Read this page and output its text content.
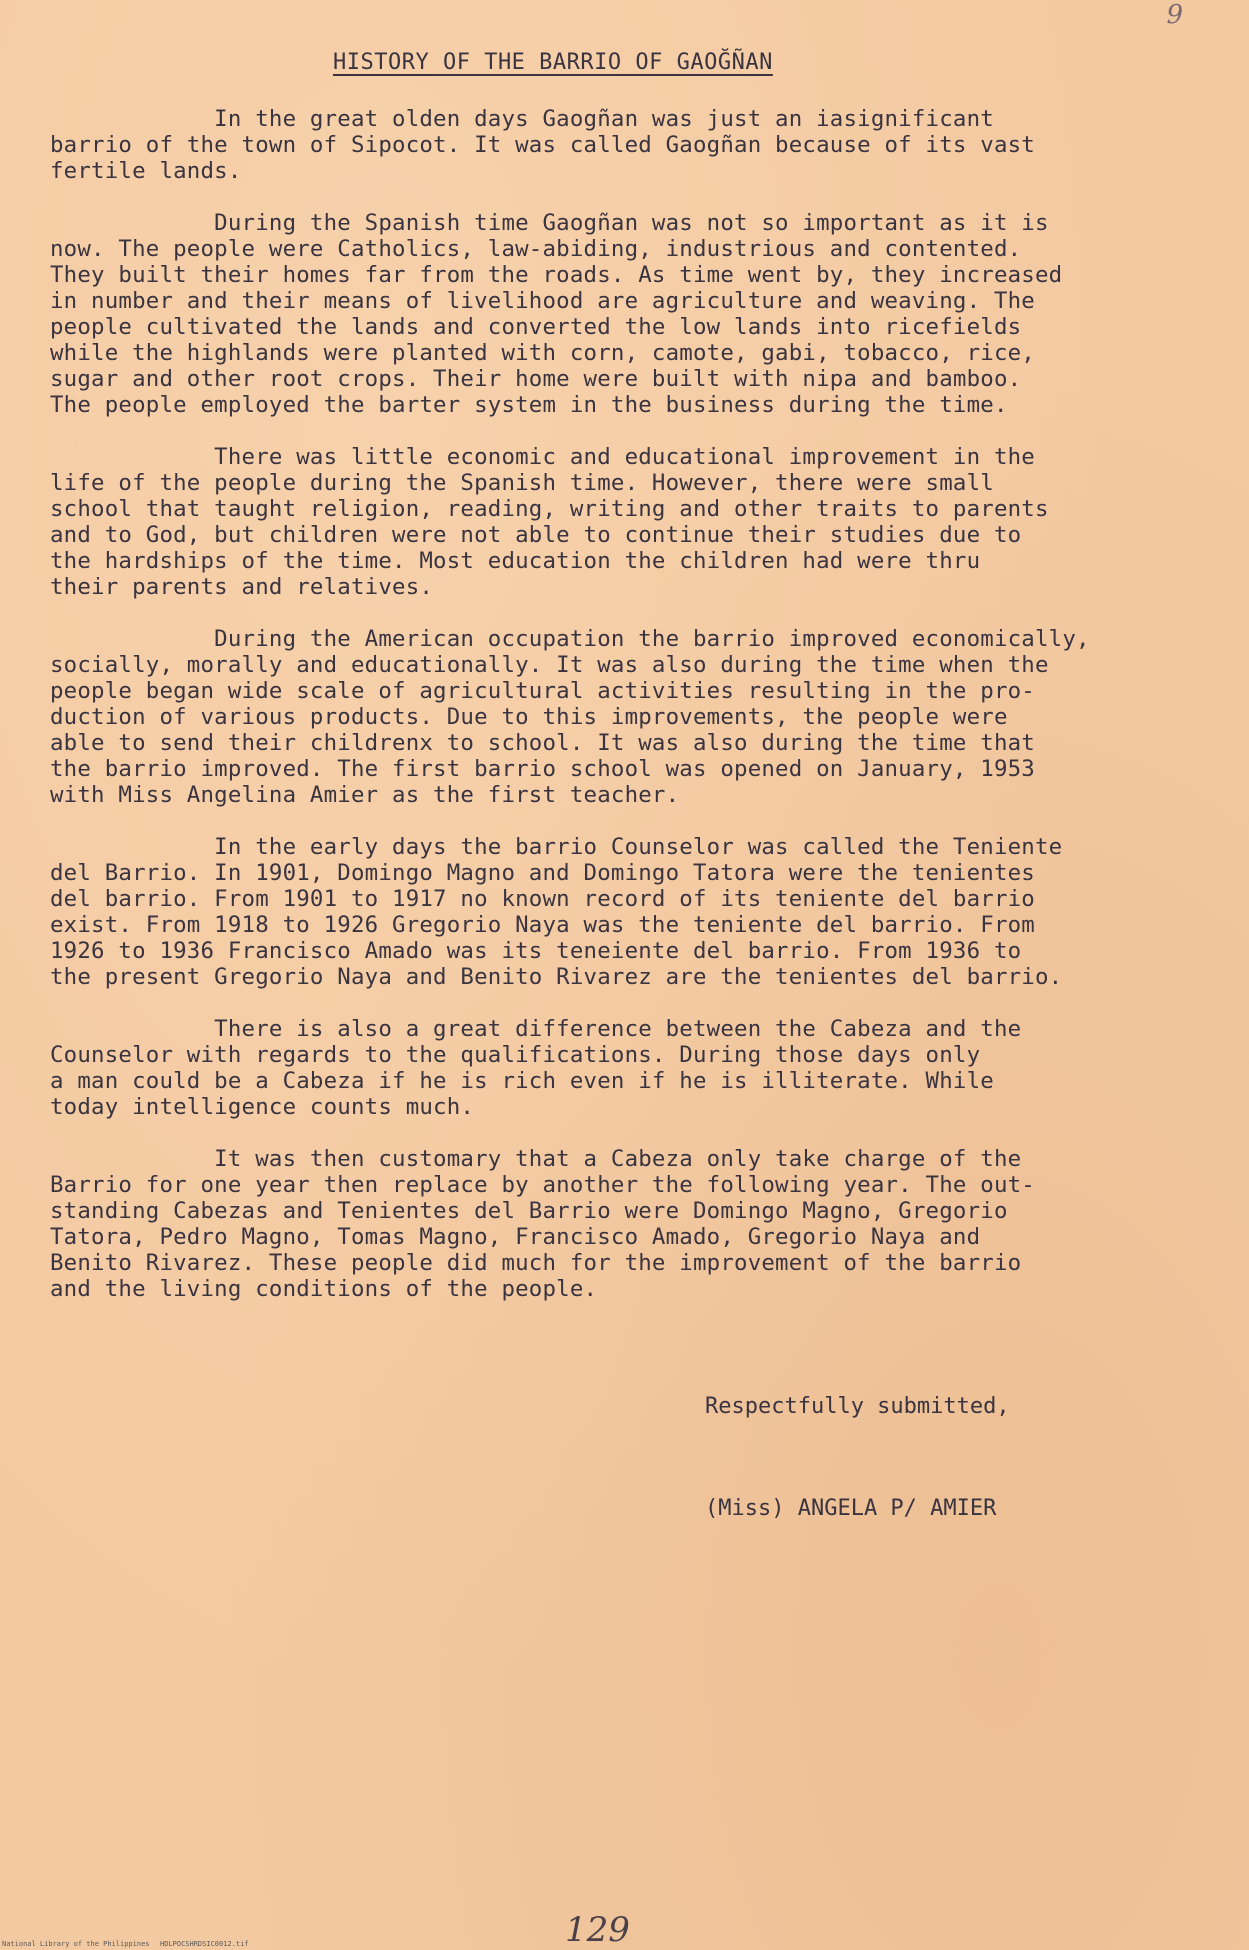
9
HISTORY OF THE BARRIO OF GAOĞÑAN
In the great olden days Gaogñan was just an iasignificant
barrio of the town of Sipocot. It was called Gaogñan because of its vast
fertile lands.
During the Spanish time Gaogñan was not so important as it is
now. The people were Catholics, law-abiding, industrious and contented.
They built their homes far from the roads. As time went by, they increased
in number and their means of livelihood are agriculture and weaving. The
people cultivated the lands and converted the low lands into ricefields
while the highlands were planted with corn, camote, gabi, tobacco, rice,
sugar and other root crops. Their home were built with nipa and bamboo.
The people employed the barter system in the business during the time.
There was little economic and educational improvement in the
life of the people during the Spanish time. However, there were small
school that taught religion, reading, writing and other traits to parents
and to God, but children were not able to continue their studies due to
the hardships of the time. Most education the children had were thru
their parents and relatives.
During the American occupation the barrio improved economically,
socially, morally and educationally. It was also during the time when the
people began wide scale of agricultural activities resulting in the pro-
duction of various products. Due to this improvements, the people were
able to send their childrenx to school. It was also during the time that
the barrio improved. The first barrio school was opened on January, 1953
with Miss Angelina Amier as the first teacher.
In the early days the barrio Counselor was called the Teniente
del Barrio. In 1901, Domingo Magno and Domingo Tatora were the tenientes
del barrio. From 1901 to 1917 no known record of its teniente del barrio
exist. From 1918 to 1926 Gregorio Naya was the teniente del barrio. From
1926 to 1936 Francisco Amado was its teneiente del barrio. From 1936 to
the present Gregorio Naya and Benito Rivarez are the tenientes del barrio.
There is also a great difference between the Cabeza and the
Counselor with regards to the qualifications. During those days only
a man could be a Cabeza if he is rich even if he is illiterate. While
today intelligence counts much.
It was then customary that a Cabeza only take charge of the
Barrio for one year then replace by another the following year. The out-
standing Cabezas and Tenientes del Barrio were Domingo Magno, Gregorio
Tatora, Pedro Magno, Tomas Magno, Francisco Amado, Gregorio Naya and
Benito Rivarez. These people did much for the improvement of the barrio
and the living conditions of the people.
Respectfully submitted,
(Miss) ANGELA P/ AMIER
129
National Library of the Philippines HDLPOCSHRDSIC0012.tif
